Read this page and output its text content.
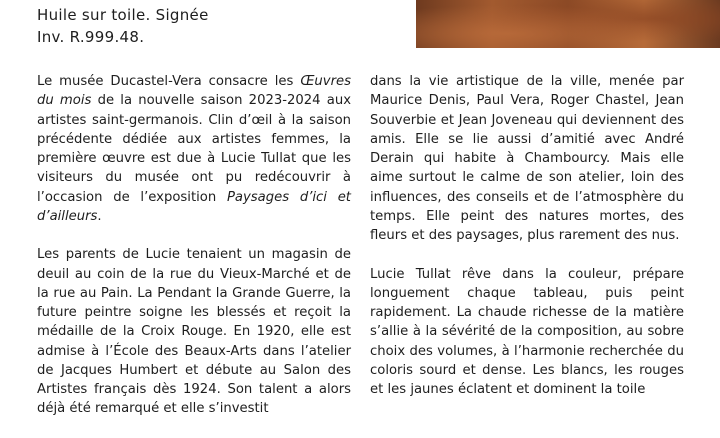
Huile sur toile. Signée

Inv. R.999.48.

Le musée Ducastel-Vera consacre les Œuvres du mois de la nouvelle saison 2023-2024 aux artistes saint-germanois. Clin d’œil à la saison précédente dédiée aux artistes femmes, la première œuvre est due à Lucie Tullat que les visiteurs du musée ont pu redécouvrir à l’occasion de l’exposition Paysages d’ici et d’ailleurs.

Les parents de Lucie tenaient un magasin de deuil au coin de la rue du Vieux-Marché et de la rue au Pain. La Pendant la Grande Guerre, la future peintre soigne les blessés et reçoit la médaille de la Croix Rouge. En 1920, elle est admise à l’École des Beaux-Arts dans l’atelier de Jacques Humbert et débute au Salon des Artistes français dès 1924. Son talent a alors déjà été remarqué et elle s’investit

dans la vie artistique de la ville, menée par Maurice Denis, Paul Vera, Roger Chastel, Jean Souverbie et Jean Joveneau qui deviennent des amis. Elle se lie aussi d’amitié avec André Derain qui habite à Chambourcy. Mais elle aime surtout le calme de son atelier, loin des influences, des conseils et de l’atmosphère du temps. Elle peint des natures mortes, des fleurs et des paysages, plus rarement des nus.

Lucie Tullat rêve dans la couleur, prépare longuement chaque tableau, puis peint rapidement. La chaude richesse de la matière s’allie à la sévérité de la composition, au sobre choix des volumes, à l’harmonie recherchée du coloris sourd et dense. Les blancs, les rouges et les jaunes éclatent et dominent la toile
